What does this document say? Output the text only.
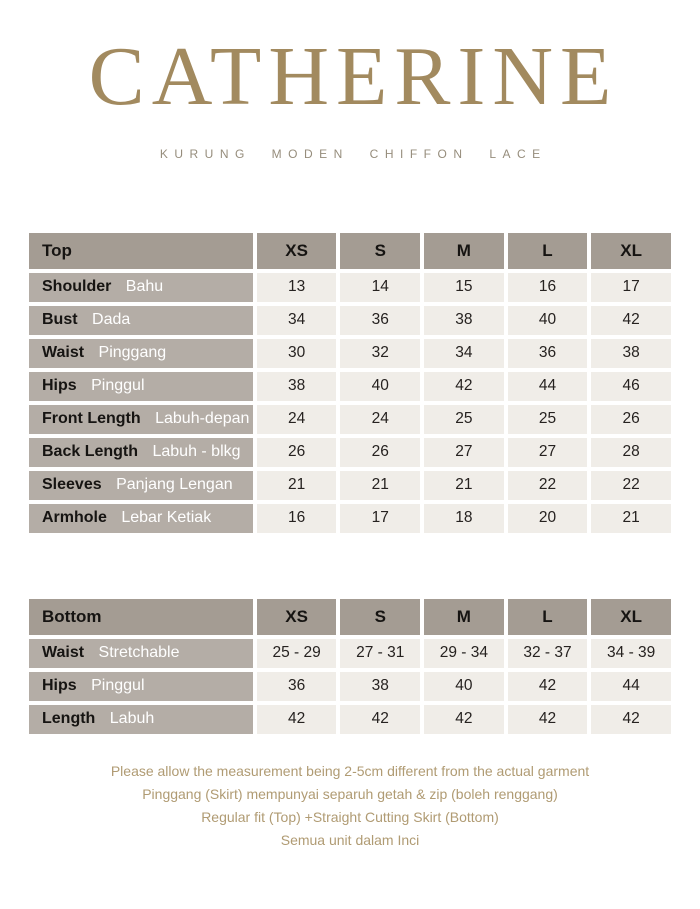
CATHERINE
KURUNG MODEN CHIFFON LACE
Top	XS	S	M	L	XL
Shoulder Bahu	13	14	15	16	17
Bust Dada	34	36	38	40	42
Waist Pinggang	30	32	34	36	38
Hips Pinggul	38	40	42	44	46
Front Length Labuh-depan	24	24	25	25	26
Back Length Labuh - blkg	26	26	27	27	28
Sleeves Panjang Lengan	21	21	21	22	22
Armhole Lebar Ketiak	16	17	18	20	21
Bottom	XS	S	M	L	XL
Waist Stretchable	25 - 29	27 - 31	29 - 34	32 - 37	34 - 39
Hips Pinggul	36	38	40	42	44
Length Labuh	42	42	42	42	42

Please allow the measurement being 2-5cm different from the actual garment

Pinggang (Skirt) mempunyai separuh getah & zip (boleh renggang)

Regular fit (Top) +Straight Cutting Skirt (Bottom)

Semua unit dalam Inci
